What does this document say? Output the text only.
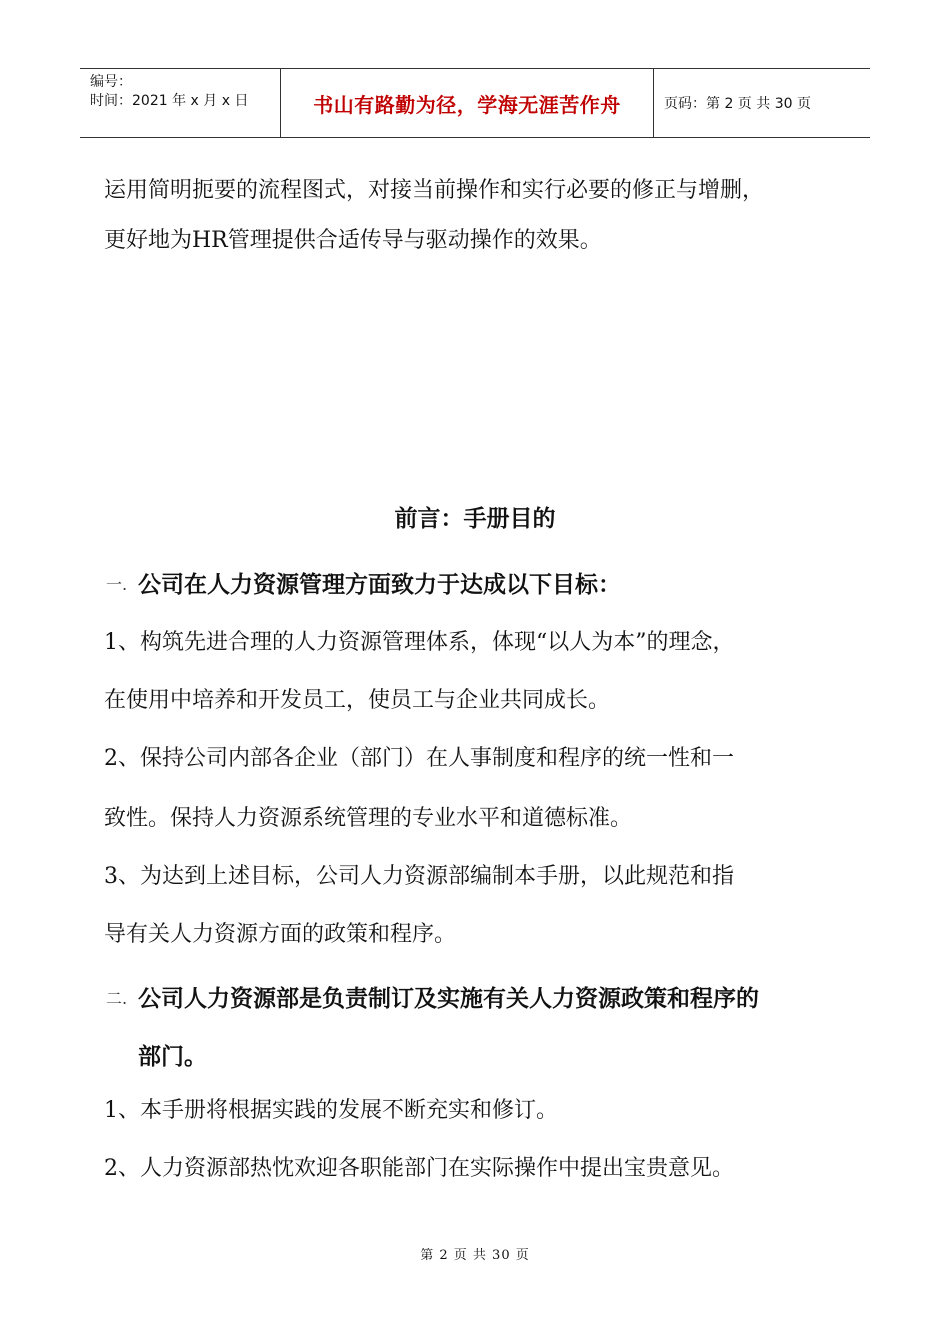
编号：
时间：2021 年 x 月 x 日	书山有路勤为径，学海无涯苦作舟	页码：第 2 页 共 30 页
运用简明扼要的流程图式，对接当前操作和实行必要的修正与增删，
更好地为HR管理提供合适传导与驱动操作的效果。
前言：手册目的
一. 公司在人力资源管理方面致力于达成以下目标：
1、构筑先进合理的人力资源管理体系，体现“以人为本”的理念，
在使用中培养和开发员工，使员工与企业共同成长。
2、保持公司内部各企业（部门）在人事制度和程序的统一性和一
致性。保持人力资源系统管理的专业水平和道德标准。
3、为达到上述目标，公司人力资源部编制本手册，以此规范和指
导有关人力资源方面的政策和程序。
二. 公司人力资源部是负责制订及实施有关人力资源政策和程序的
部门。
1、本手册将根据实践的发展不断充实和修订。
2、人力资源部热忱欢迎各职能部门在实际操作中提出宝贵意见。
第 2 页 共 30 页
